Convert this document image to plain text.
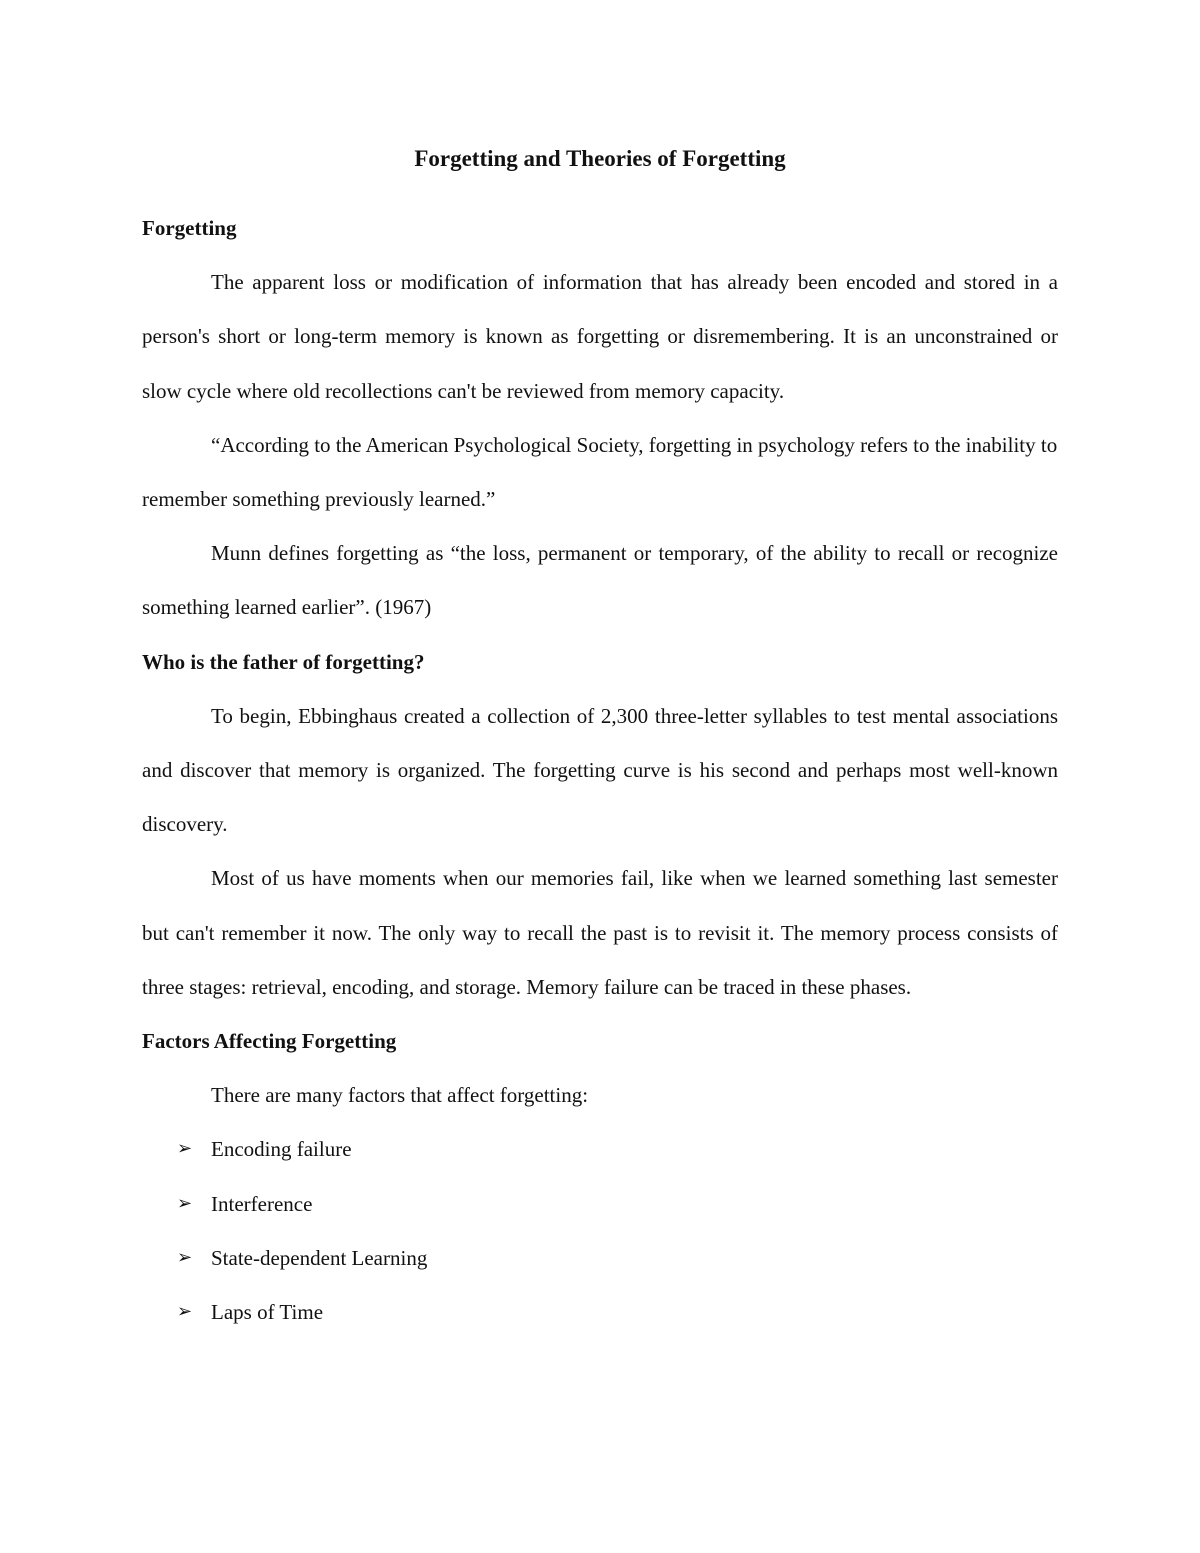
Forgetting and Theories of Forgetting
Forgetting

The apparent loss or modification of information that has already been encoded and stored in a person's short or long-term memory is known as forgetting or disremembering. It is an unconstrained or slow cycle where old recollections can't be reviewed from memory capacity.

“According to the American Psychological Society, forgetting in psychology refers to the inability to remember something previously learned.”

Munn defines forgetting as “the loss, permanent or temporary, of the ability to recall or recognize something learned earlier”. (1967)

Who is the father of forgetting?

To begin, Ebbinghaus created a collection of 2,300 three-letter syllables to test mental associations and discover that memory is organized. The forgetting curve is his second and perhaps most well-known discovery.

Most of us have moments when our memories fail, like when we learned something last semester but can't remember it now. The only way to recall the past is to revisit it. The memory process consists of three stages: retrieval, encoding, and storage. Memory failure can be traced in these phases.

Factors Affecting Forgetting

There are many factors that affect forgetting:

➢ Encoding failure
➢ Interference
➢ State-dependent Learning
➢ Laps of Time
